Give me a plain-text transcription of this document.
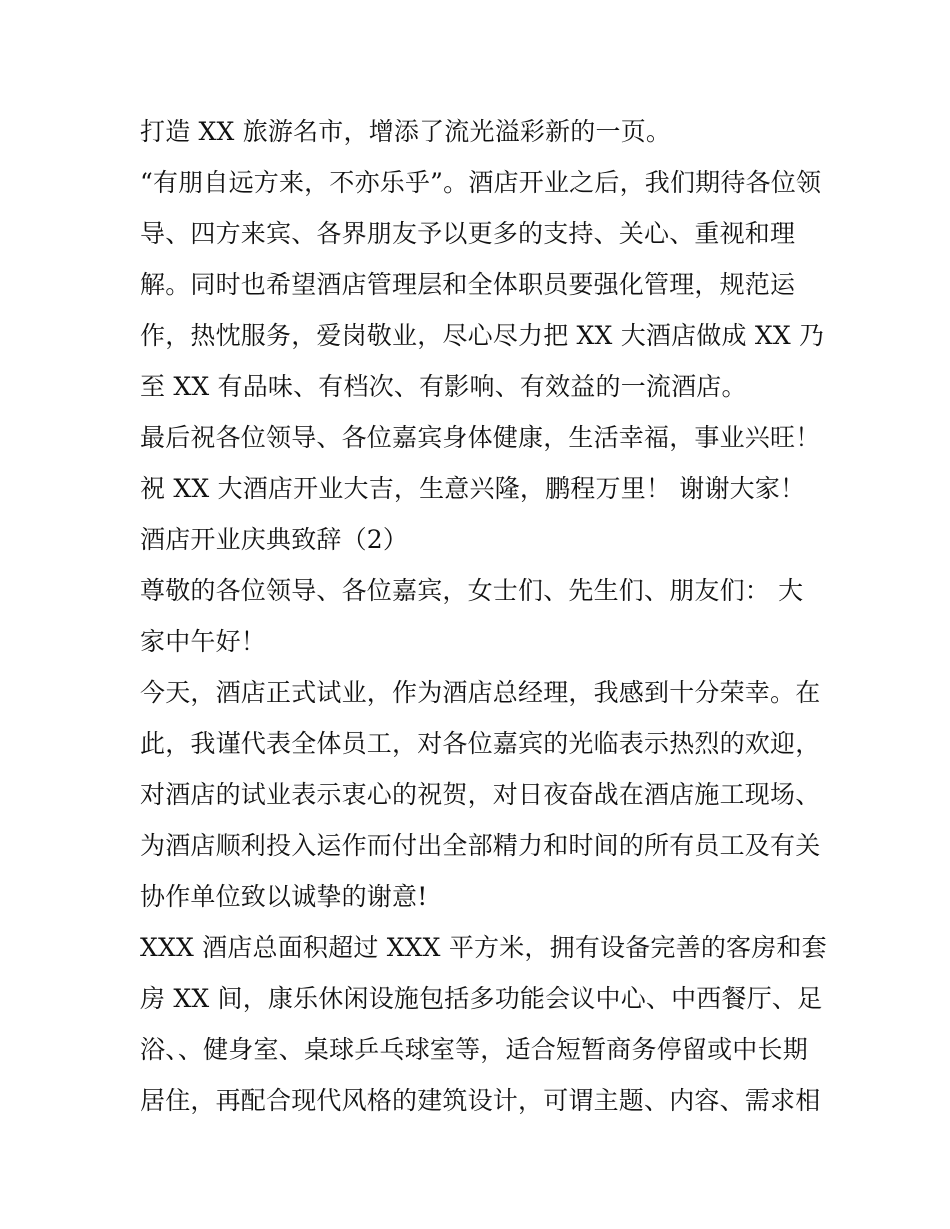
打造 XX 旅游名市，增添了流光溢彩新的一页。
“有朋自远方来，不亦乐乎”。酒店开业之后，我们期待各位领
导、四方来宾、各界朋友予以更多的支持、关心、重视和理
解。同时也希望酒店管理层和全体职员要强化管理，规范运
作，热忱服务，爱岗敬业，尽心尽力把 XX 大酒店做成 XX 乃
至 XX 有品味、有档次、有影响、有效益的一流酒店。
最后祝各位领导、各位嘉宾身体健康，生活幸福，事业兴旺！
祝 XX 大酒店开业大吉，生意兴隆，鹏程万里！ 谢谢大家！
酒店开业庆典致辞（2）
尊敬的各位领导、各位嘉宾，女士们、先生们、朋友们： 大
家中午好！
今天，酒店正式试业，作为酒店总经理，我感到十分荣幸。在
此，我谨代表全体员工，对各位嘉宾的光临表示热烈的欢迎，
对酒店的试业表示衷心的祝贺，对日夜奋战在酒店施工现场、
为酒店顺利投入运作而付出全部精力和时间的所有员工及有关
协作单位致以诚挚的谢意!
XXX 酒店总面积超过 XXX 平方米，拥有设备完善的客房和套
房 XX 间，康乐休闲设施包括多功能会议中心、中西餐厅、足
浴、、健身室、桌球乒乓球室等，适合短暂商务停留或中长期
居住，再配合现代风格的建筑设计，可谓主题、内容、需求相
